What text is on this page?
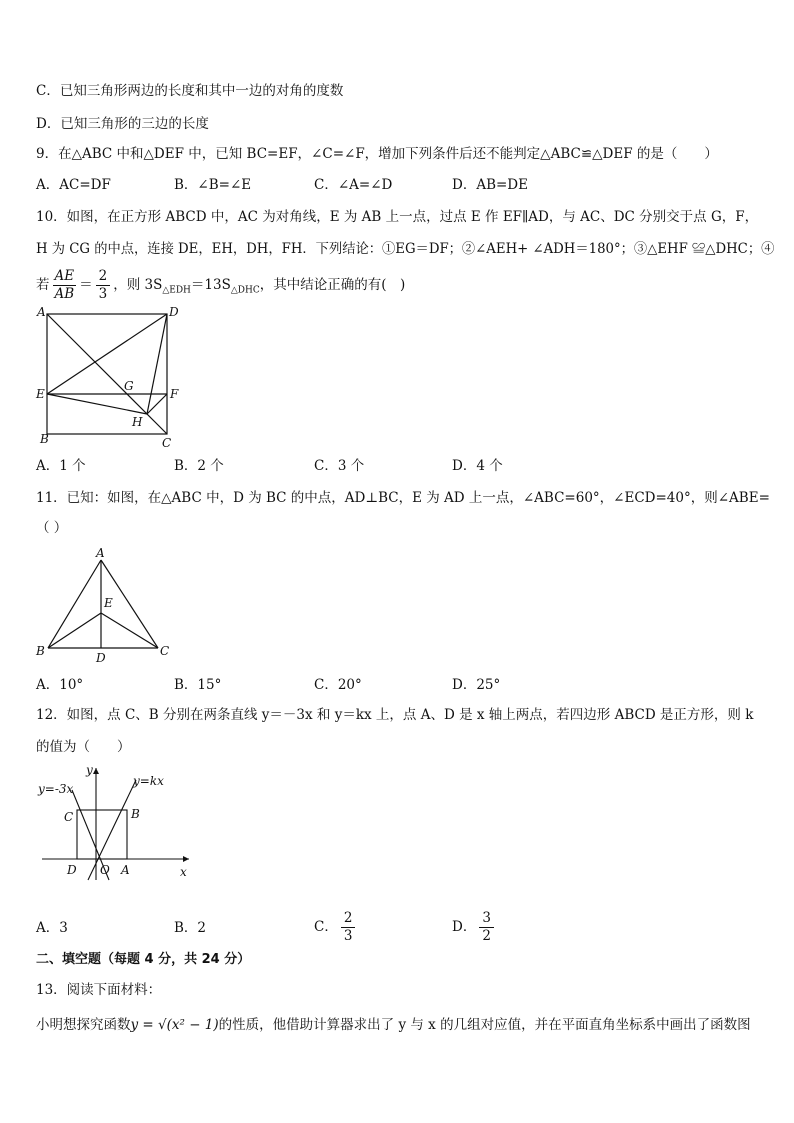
C．已知三角形两边的长度和其中一边的对角的度数
D．已知三角形的三边的长度
9．在△ABC 中和△DEF 中，已知 BC=EF，∠C=∠F，增加下列条件后还不能判定△ABC≌△DEF 的是（　　）
A．AC=DF	B．∠B=∠E	C．∠A=∠D	D．AB=DE
10．如图，在正方形 ABCD 中，AC 为对角线，E 为 AB 上一点，过点 E 作 EF∥AD，与 AC、DC 分别交于点 G，F，
H 为 CG 的中点，连接 DE，EH，DH，FH．下列结论：①EG＝DF；②∠AEH+ ∠ADH＝180°；③△EHF ≌△DHC；④
若 $\frac{AE}{AB} = \frac{2}{3}$ ，则 $3S_{\triangle EDH}=13S_{\triangle DHC}$，其中结论正确的有(　)
A	D
E	F
G
H
B	C
A．1 个	B．2 个	C．3 个	D．4 个
11．已知：如图，在△ABC 中，D 为 BC 的中点，AD⊥BC，E 为 AD 上一点，∠ABC=60°，∠ECD=40°，则∠ABE=
（ ）
A
E
B	D	C
A．10°	B．15°	C．20°	D．25°
12．如图，点 C、B 分别在两条直线 y＝－3x 和 y＝kx 上，点 A、D 是 x 轴上两点，若四边形 ABCD 是正方形，则 k
的值为（　　）
y
x
O A
D
C	B
y=-3x
y=kx
A．3	B．2	C． $\frac{2}{3}$	D． $\frac{3}{2}$
二、填空题（每题 4 分，共 24 分）
13．阅读下面材料：
小明想探究函数y = √(x² − 1)的性质，他借助计算器求出了 y 与 x 的几组对应值，并在平面直角坐标系中画出了函数图
